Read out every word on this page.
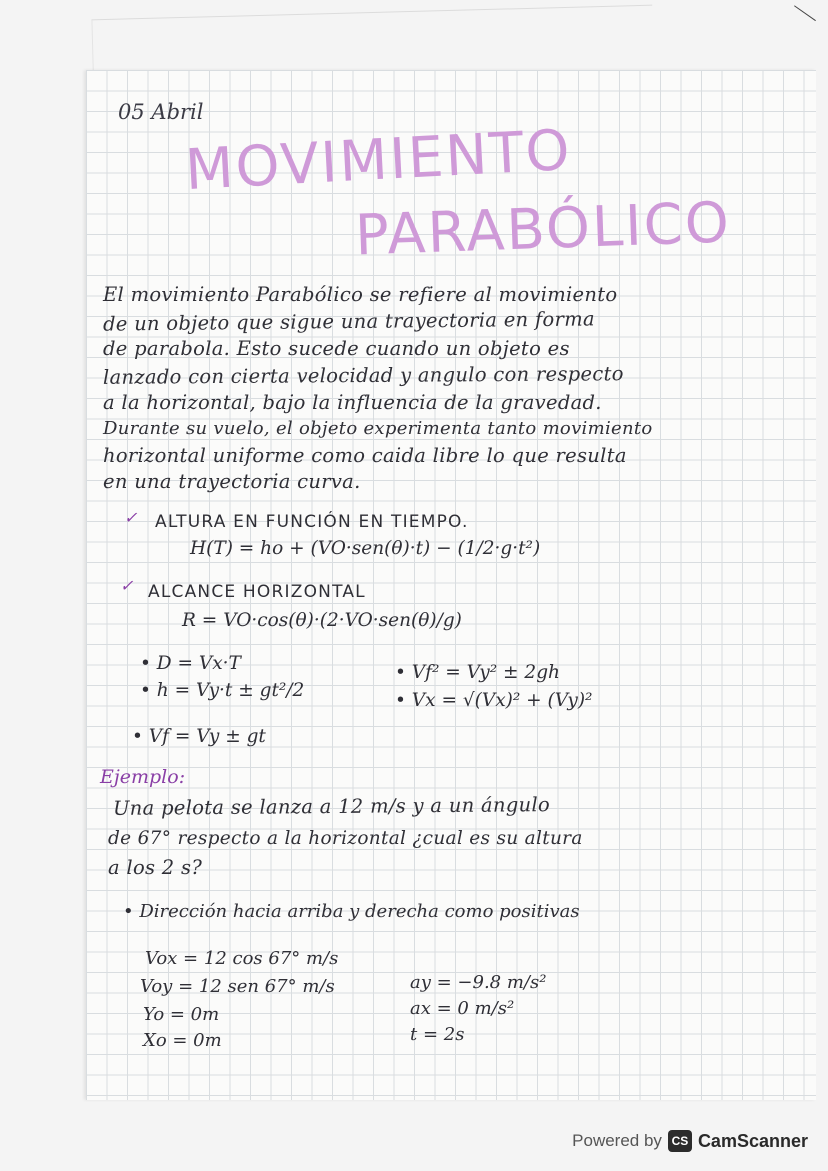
05 Abril
MOVIMIENTO
PARABÓLICO
El movimiento Parabólico se refiere al movimiento
de un objeto que sigue una trayectoria en forma
de parabola. Esto sucede cuando un objeto es
lanzado con cierta velocidad y angulo con respecto
a la horizontal, bajo la influencia de la gravedad.
Durante su vuelo, el objeto experimenta tanto movimiento
horizontal uniforme como caida libre lo que resulta
en una trayectoria curva.
✓ ALTURA EN FUNCIÓN EN TIEMPO.
H(T) = ho + (VO·sen(θ)·t) − (1/2·g·t²)
✓ ALCANCE HORIZONTAL
R = VO·cos(θ)·(2·VO·sen(θ)/g)
• D = Vx·T
• h = Vy·t ± gt²/2
• Vf = Vy ± gt
• Vf² = Vy² ± 2gh
• Vx = √(Vx)² + (Vy)²
Ejemplo:
Una pelota se lanza a 12 m/s y a un ángulo
de 67° respecto a la horizontal ¿cual es su altura
a los 2 s?
• Dirección hacia arriba y derecha como positivas
Vox = 12 cos 67° m/s
Voy = 12 sen 67° m/s
Yo = 0m
Xo = 0m
ay = −9.8 m/s²
ax = 0 m/s²
t = 2s
Powered by CS CamScanner
